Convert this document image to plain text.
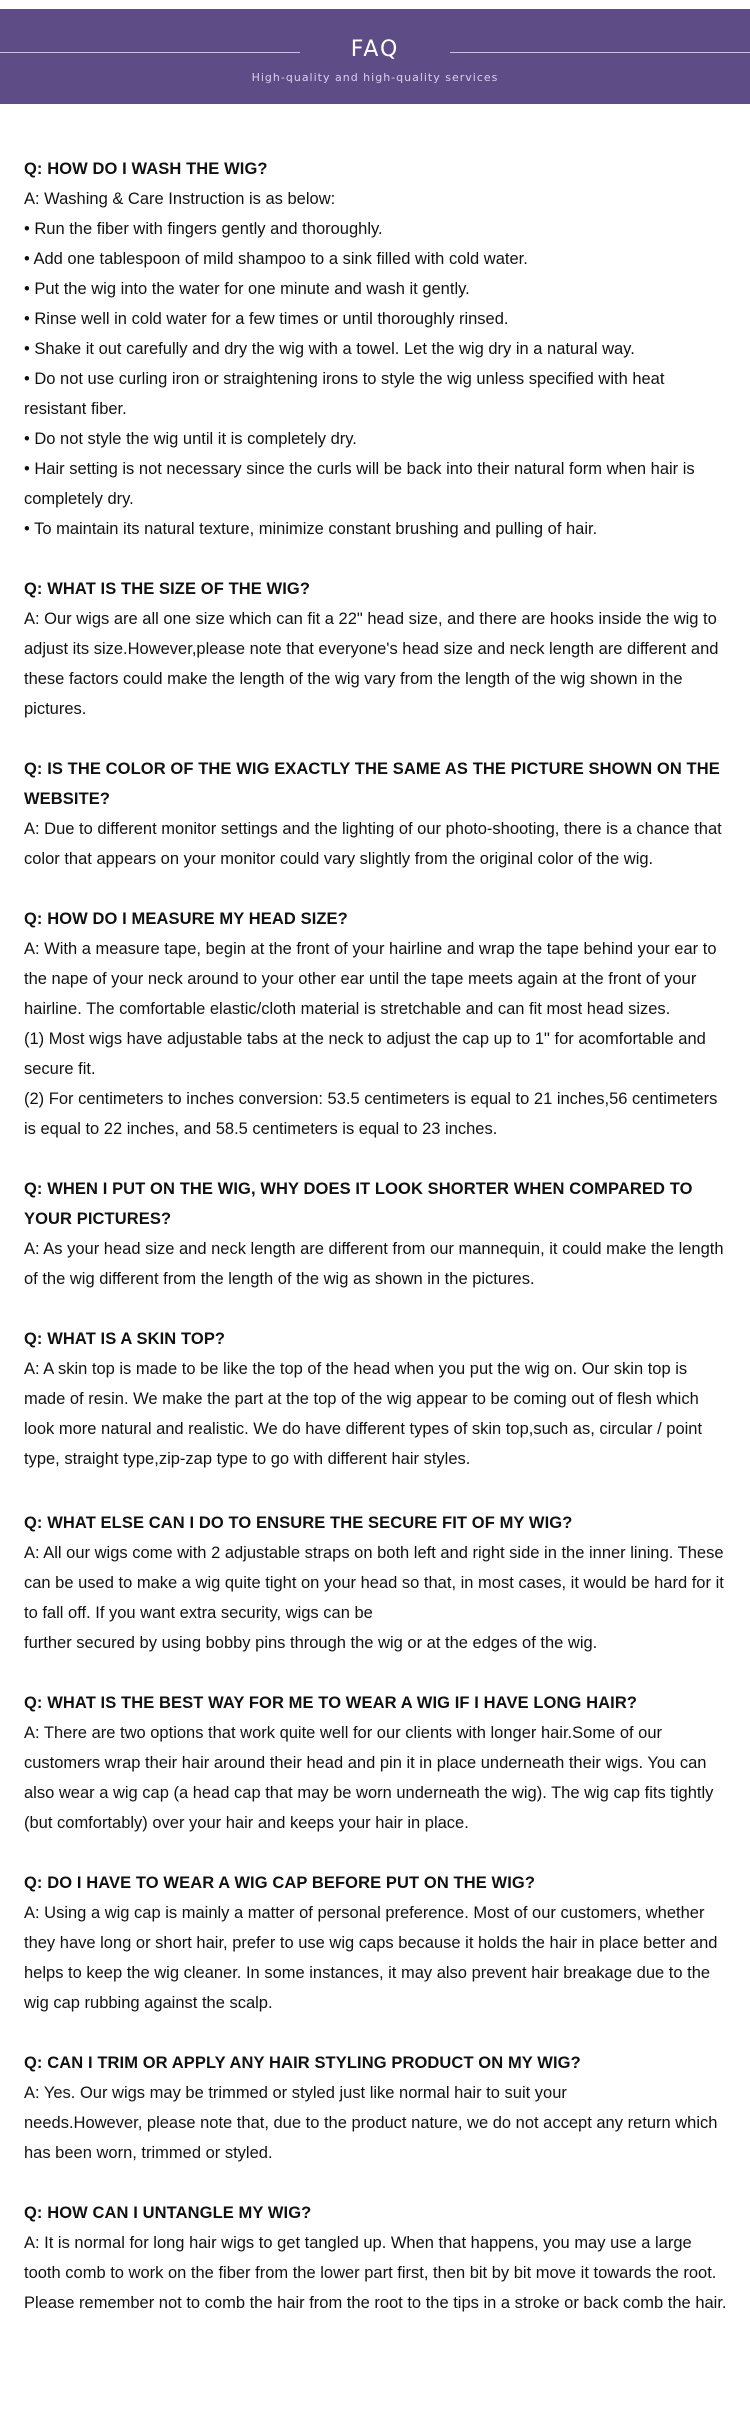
FAQ
High-quality and high-quality services
Q: HOW DO I WASH THE WIG?

A: Washing & Care Instruction is as below:

• Run the fiber with fingers gently and thoroughly.

• Add one tablespoon of mild shampoo to a sink filled with cold water.

• Put the wig into the water for one minute and wash it gently.

• Rinse well in cold water for a few times or until thoroughly rinsed.

• Shake it out carefully and dry the wig with a towel. Let the wig dry in a natural way.

• Do not use curling iron or straightening irons to style the wig unless specified with heat resistant fiber.

• Do not style the wig until it is completely dry.

• Hair setting is not necessary since the curls will be back into their natural form when hair is completely dry.

• To maintain its natural texture, minimize constant brushing and pulling of hair.

Q: WHAT IS THE SIZE OF THE WIG?

A: Our wigs are all one size which can fit a 22" head size, and there are hooks inside the wig to adjust its size.However,please note that everyone's head size and neck length are different and these factors could make the length of the wig vary from the length of the wig shown in the pictures.

Q: IS THE COLOR OF THE WIG EXACTLY THE SAME AS THE PICTURE SHOWN ON THE WEBSITE?

A: Due to different monitor settings and the lighting of our photo-shooting, there is a chance that color that appears on your monitor could vary slightly from the original color of the wig.

Q: HOW DO I MEASURE MY HEAD SIZE?

A: With a measure tape, begin at the front of your hairline and wrap the tape behind your ear to the nape of your neck around to your other ear until the tape meets again at the front of your hairline. The comfortable elastic/cloth material is stretchable and can fit most head sizes.

(1) Most wigs have adjustable tabs at the neck to adjust the cap up to 1" for acomfortable and secure fit.

(2) For centimeters to inches conversion: 53.5 centimeters is equal to 21 inches,56 centimeters is equal to 22 inches, and 58.5 centimeters is equal to 23 inches.

Q: WHEN I PUT ON THE WIG, WHY DOES IT LOOK SHORTER WHEN COMPARED TO YOUR PICTURES?

A: As your head size and neck length are different from our mannequin, it could make the length of the wig different from the length of the wig as shown in the pictures.

Q: WHAT IS A SKIN TOP?

A: A skin top is made to be like the top of the head when you put the wig on. Our skin top is made of resin. We make the part at the top of the wig appear to be coming out of flesh which look more natural and realistic. We do have different types of skin top,such as, circular / point type, straight type,zip-zap type to go with different hair styles.

Q: WHAT ELSE CAN I DO TO ENSURE THE SECURE FIT OF MY WIG?

A: All our wigs come with 2 adjustable straps on both left and right side in the inner lining. These can be used to make a wig quite tight on your head so that, in most cases, it would be hard for it to fall off. If you want extra security, wigs can be

further secured by using bobby pins through the wig or at the edges of the wig.

Q: WHAT IS THE BEST WAY FOR ME TO WEAR A WIG IF I HAVE LONG HAIR?

A: There are two options that work quite well for our clients with longer hair.Some of our customers wrap their hair around their head and pin it in place underneath their wigs. You can also wear a wig cap (a head cap that may be worn underneath the wig). The wig cap fits tightly (but comfortably) over your hair and keeps your hair in place.

Q: DO I HAVE TO WEAR A WIG CAP BEFORE PUT ON THE WIG?

A: Using a wig cap is mainly a matter of personal preference. Most of our customers, whether they have long or short hair, prefer to use wig caps because it holds the hair in place better and helps to keep the wig cleaner. In some instances, it may also prevent hair breakage due to the wig cap rubbing against the scalp.

Q: CAN I TRIM OR APPLY ANY HAIR STYLING PRODUCT ON MY WIG?

A: Yes. Our wigs may be trimmed or styled just like normal hair to suit your

needs.However, please note that, due to the product nature, we do not accept any return which has been worn, trimmed or styled.

Q: HOW CAN I UNTANGLE MY WIG?

A: It is normal for long hair wigs to get tangled up. When that happens, you may use a large tooth comb to work on the fiber from the lower part first, then bit by bit move it towards the root. Please remember not to comb the hair from the root to the tips in a stroke or back comb the hair.
